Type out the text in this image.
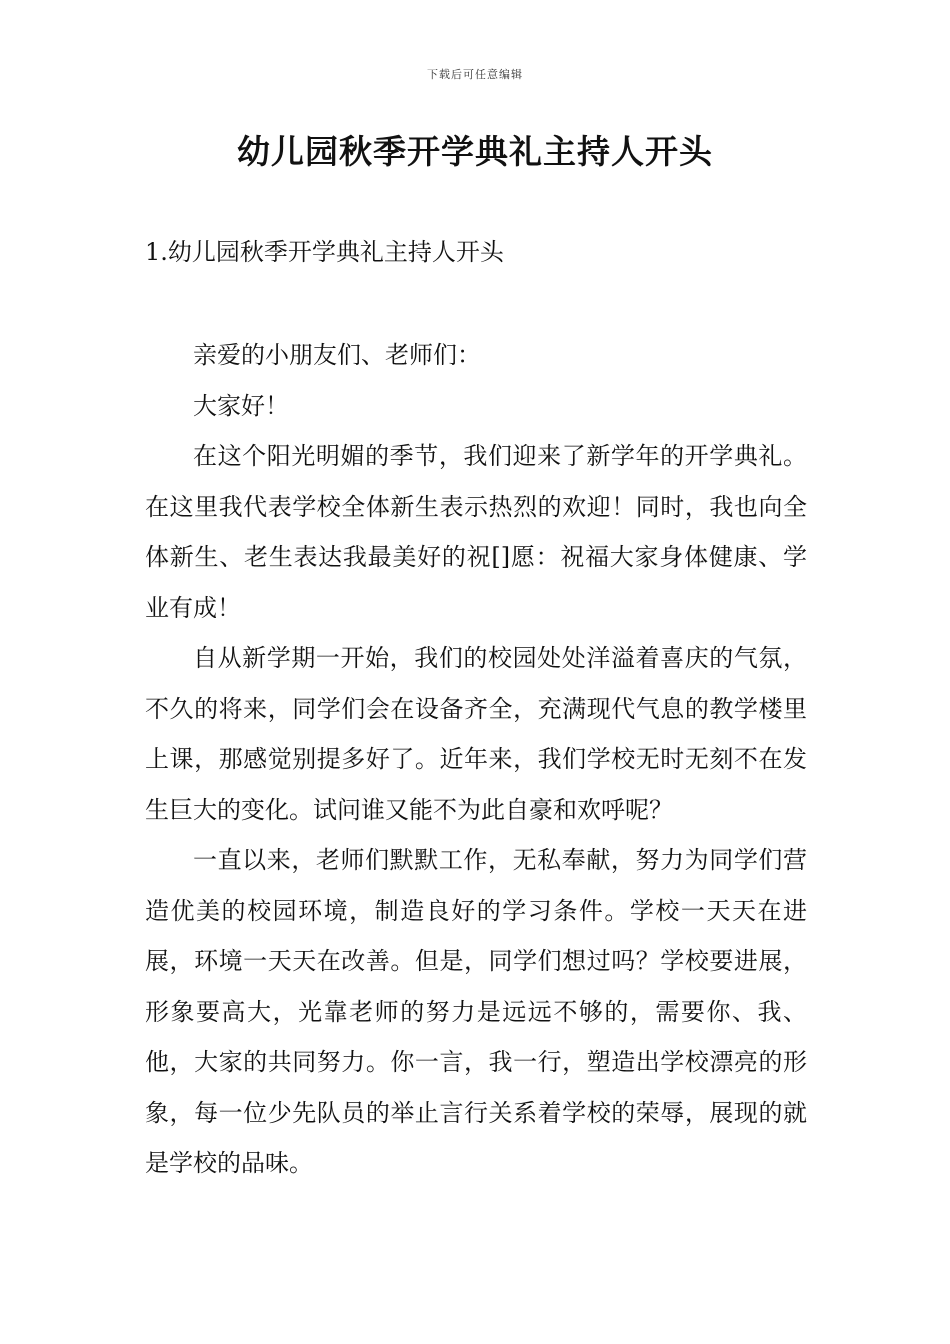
下载后可任意编辑
幼儿园秋季开学典礼主持人开头
1.幼儿园秋季开学典礼主持人开头

亲爱的小朋友们、老师们：

大家好！

在这个阳光明媚的季节，我们迎来了新学年的开学典礼。在这里我代表学校全体新生表示热烈的欢迎！同时，我也向全体新生、老生表达我最美好的祝[]愿：祝福大家身体健康、学业有成！

自从新学期一开始，我们的校园处处洋溢着喜庆的气氛，不久的将来，同学们会在设备齐全，充满现代气息的教学楼里上课，那感觉别提多好了。近年来，我们学校无时无刻不在发生巨大的变化。试问谁又能不为此自豪和欢呼呢？

一直以来，老师们默默工作，无私奉献，努力为同学们营造优美的校园环境，制造良好的学习条件。学校一天天在进展，环境一天天在改善。但是，同学们想过吗？学校要进展，形象要高大，光靠老师的努力是远远不够的，需要你、我、他，大家的共同努力。你一言，我一行，塑造出学校漂亮的形象，每一位少先队员的举止言行关系着学校的荣辱，展现的就是学校的品味。
